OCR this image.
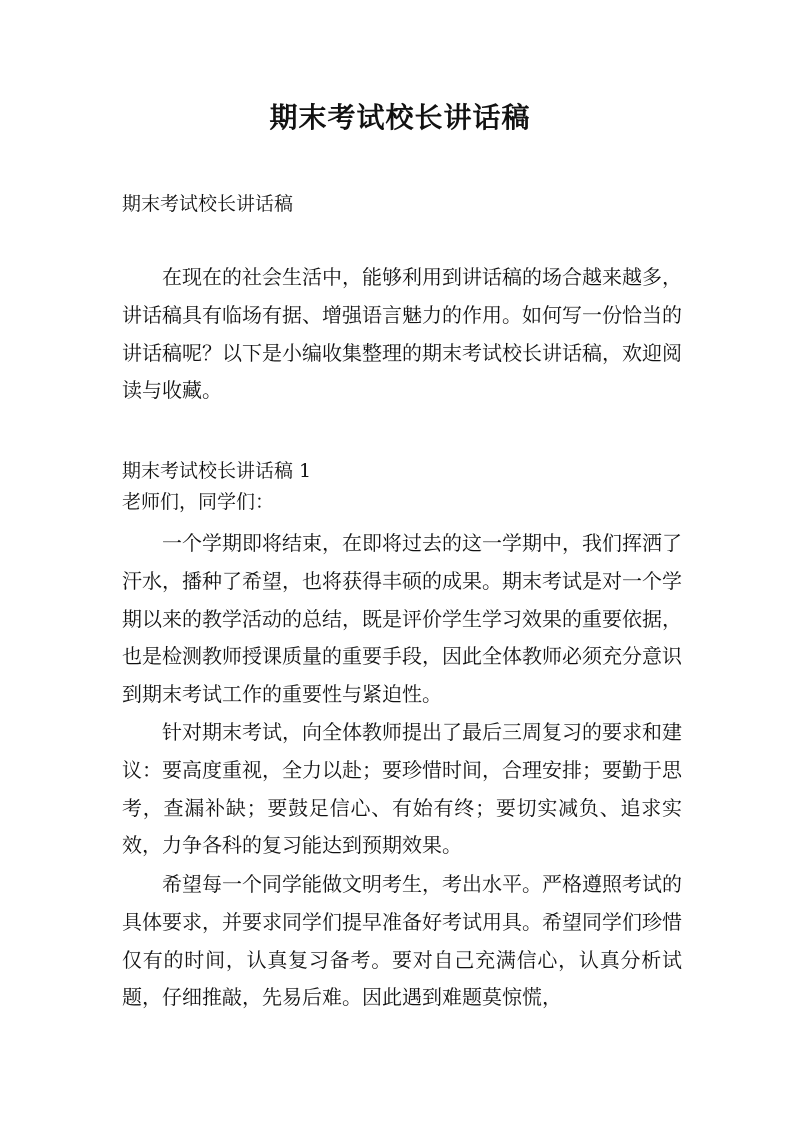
期末考试校长讲话稿
期末考试校长讲话稿

在现在的社会生活中，能够利用到讲话稿的场合越来越多，讲话稿具有临场有据、增强语言魅力的作用。如何写一份恰当的讲话稿呢？以下是小编收集整理的期末考试校长讲话稿，欢迎阅读与收藏。

期末考试校长讲话稿 1
老师们，同学们：

一个学期即将结束，在即将过去的这一学期中，我们挥洒了汗水，播种了希望，也将获得丰硕的成果。期末考试是对一个学期以来的教学活动的总结，既是评价学生学习效果的重要依据，也是检测教师授课质量的重要手段，因此全体教师必须充分意识到期末考试工作的重要性与紧迫性。

针对期末考试，向全体教师提出了最后三周复习的要求和建议：要高度重视，全力以赴；要珍惜时间，合理安排；要勤于思考，查漏补缺；要鼓足信心、有始有终；要切实减负、追求实效，力争各科的复习能达到预期效果。

希望每一个同学能做文明考生，考出水平。严格遵照考试的具体要求，并要求同学们提早准备好考试用具。希望同学们珍惜仅有的时间，认真复习备考。要对自己充满信心，认真分析试题，仔细推敲，先易后难。因此遇到难题莫惊慌，
